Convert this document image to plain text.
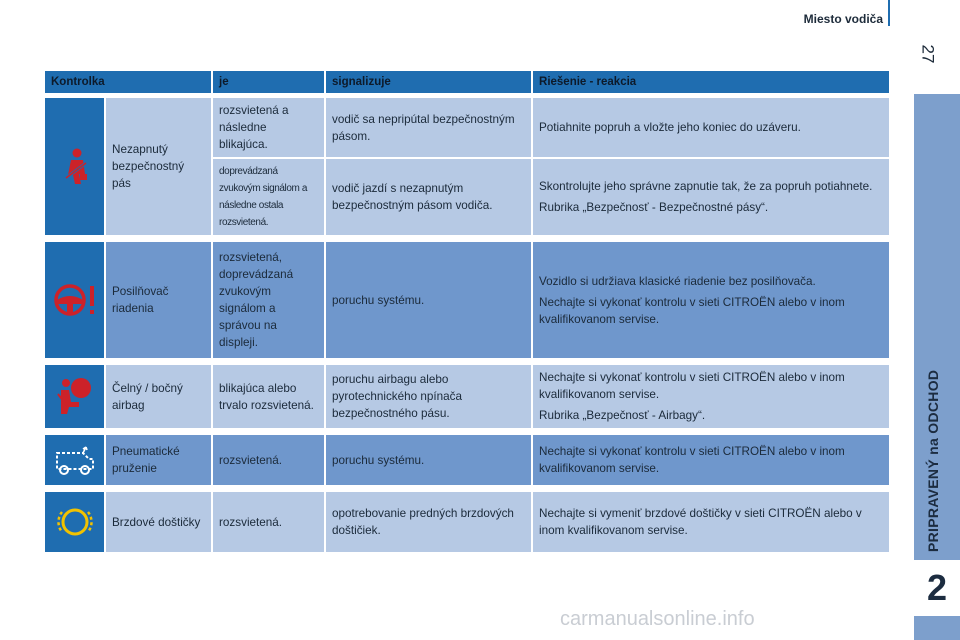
Miesto vodiča
27
PRIPRAVENÝ na ODCHOD
2
Kontrolka		je	signalizuje	Riešenie - reakcia

	Nezapnutý bezpečnostný pás	rozsvietená a následne blikajúca.	vodič sa nepripútal bezpečnostným pásom.	Potiahnite popruh a vložte jeho koniec do uzáveru.

		doprevádzaná zvukovým signálom a následne ostala rozsvietená.	vodič jazdí s nezapnutým bezpečnostným pásom vodiča.	Skontrolujte jeho správne zapnutie tak, že za popruh potiahnete.

Rubrika „Bezpečnosť - Bezpečnostné pásy“.

	Posilňovač riadenia	rozsvietená, doprevádzaná zvukovým signálom a správou na displeji.	poruchu systému.	Vozidlo si udržiava klasické riadenie bez posilňovača.

Nechajte si vykonať kontrolu v sieti CITROËN alebo v inom kvalifikovanom servise.

	Čelný / bočný airbag	blikajúca alebo trvalo rozsvietená.	poruchu airbagu alebo pyrotechnického npínača bezpečnostného pásu.	Nechajte si vykonať kontrolu v sieti CITROËN alebo v inom kvalifikovanom servise.

Rubrika „Bezpečnosť - Airbagy“.

	Pneumatické pruženie	rozsvietená.	poruchu systému.	Nechajte si vykonať kontrolu v sieti CITROËN alebo v inom kvalifikovanom servise.

	Brzdové doštičky	rozsvietená.	opotrebovanie predných brzdových doštičiek.	Nechajte si vymeniť brzdové doštičky v sieti CITROËN alebo v inom kvalifikovanom servise.

carmanualsonline.info
